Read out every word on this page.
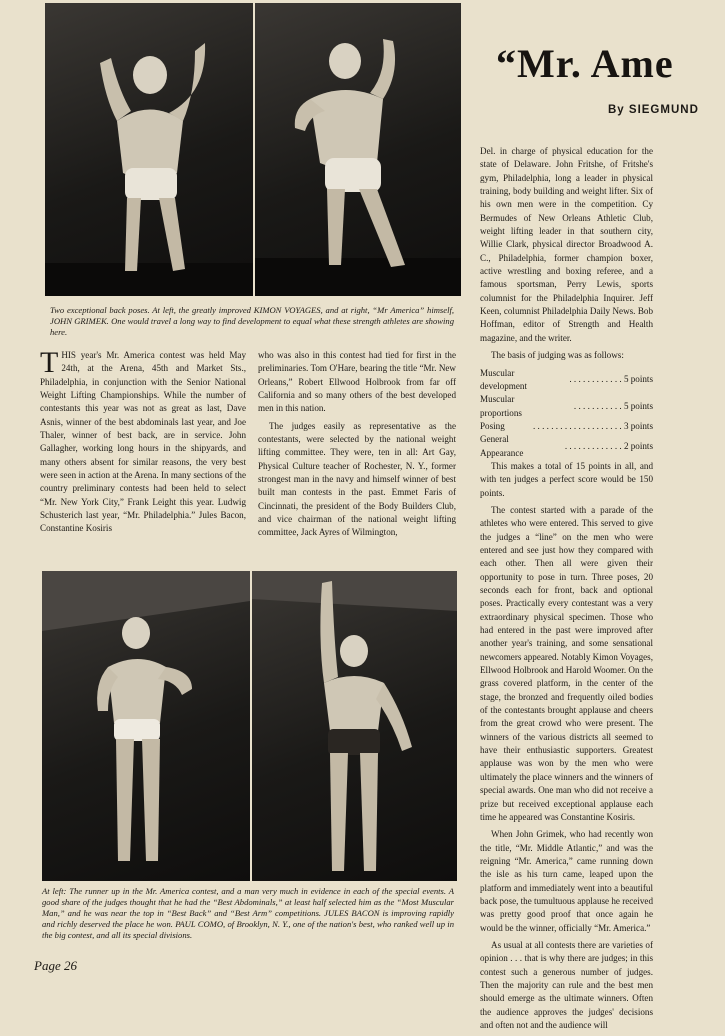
“Mr. Ame
By SIEGMUND
Two exceptional back poses. At left, the greatly improved KIMON VOYAGES, and at right, “Mr America” himself, JOHN GRIMEK. One would travel a long way to find development to equal what these strength athletes are showing here.
At left: The runner up in the Mr. America contest, and a man very much in evidence in each of the special events. A good share of the judges thought that he had the “Best Abdominals,” at least half selected him as the “Most Muscular Man,” and he was near the top in “Best Back” and “Best Arm” competitions. JULES BACON is improving rapidly and richly deserved the place he won. PAUL COMO, of Brooklyn, N. Y., one of the nation's best, who ranked well up in the big contest, and all its special divisions.

THIS year's Mr. America contest was held May 24th, at the Arena, 45th and Market Sts., Philadelphia, in conjunction with the Senior National Weight Lifting Championships. While the number of contestants this year was not as great as last, Dave Asnis, winner of the best abdominals last year, and Joe Thaler, winner of best back, are in service. John Gallagher, working long hours in the shipyards, and many others absent for similar reasons, the very best were seen in action at the Arena. In many sections of the country preliminary contests had been held to select “Mr. New York City,” Frank Leight this year. Ludwig Schusterich last year, “Mr. Philadelphia.” Jules Bacon, Constantine Kosiris

who was also in this contest had tied for first in the preliminaries. Tom O'Hare, bearing the title “Mr. New Orleans,” Robert Ellwood Holbrook from far off California and so many others of the best developed men in this nation.

The judges easily as representative as the contestants, were selected by the national weight lifting committee. They were, ten in all: Art Gay, Physical Culture teacher of Rochester, N. Y., former strongest man in the navy and himself winner of best built man contests in the past. Emmet Faris of Cincinnati, the president of the Body Builders Club, and vice chairman of the national weight lifting committee, Jack Ayres of Wilmington,

Del. in charge of physical education for the state of Delaware. John Fritshe, of Fritshe's gym, Philadelphia, long a leader in physical training, body building and weight lifter. Six of his own men were in the competition. Cy Bermudes of New Orleans Athletic Club, weight lifting leader in that southern city, Willie Clark, physical director Broadwood A. C., Philadelphia, former champion boxer, active wrestling and boxing referee, and a famous sportsman, Perry Lewis, sports columnist for the Philadelphia Inquirer. Jeff Keen, columnist Philadelphia Daily News. Bob Hoffman, editor of Strength and Health magazine, and the writer.

The basis of judging was as follows:

Muscular development	. . . . . . . . . . . . 5 points
Muscular proportions	. . . . . . . . . . . 5 points
Posing	. . . . . . . . . . . . . . . . . . . . 3 points
General Appearance	. . . . . . . . . . . . . 2 points

This makes a total of 15 points in all, and with ten judges a perfect score would be 150 points.

The contest started with a parade of the athletes who were entered. This served to give the judges a “line” on the men who were entered and see just how they compared with each other. Then all were given their opportunity to pose in turn. Three poses, 20 seconds each for front, back and optional poses. Practically every contestant was a very extraordinary physical specimen. Those who had entered in the past were improved after another year's training, and some sensational newcomers appeared. Notably Kimon Voyages, Ellwood Holbrook and Harold Woomer. On the grass covered platform, in the center of the stage, the bronzed and frequently oiled bodies of the contestants brought applause and cheers from the great crowd who were present. The winners of the various districts all seemed to have their enthusiastic supporters. Greatest applause was won by the men who were ultimately the place winners and the winners of special awards. One man who did not receive a prize but received exceptional applause each time he appeared was Constantine Kosiris.

When John Grimek, who had recently won the title, “Mr. Middle Atlantic,” and was the reigning “Mr. America,” came running down the isle as his turn came, leaped upon the platform and immediately went into a beautiful back pose, the tumultuous applause he received was pretty good proof that once again he would be the winner, officially “Mr. America.”

As usual at all contests there are varieties of opinion . . . that is why there are judges; in this contest such a generous number of judges. Then the majority can rule and the best men should emerge as the ultimate winners. Often the audience approves the judges' decisions and often not and the audience will

Page 26
